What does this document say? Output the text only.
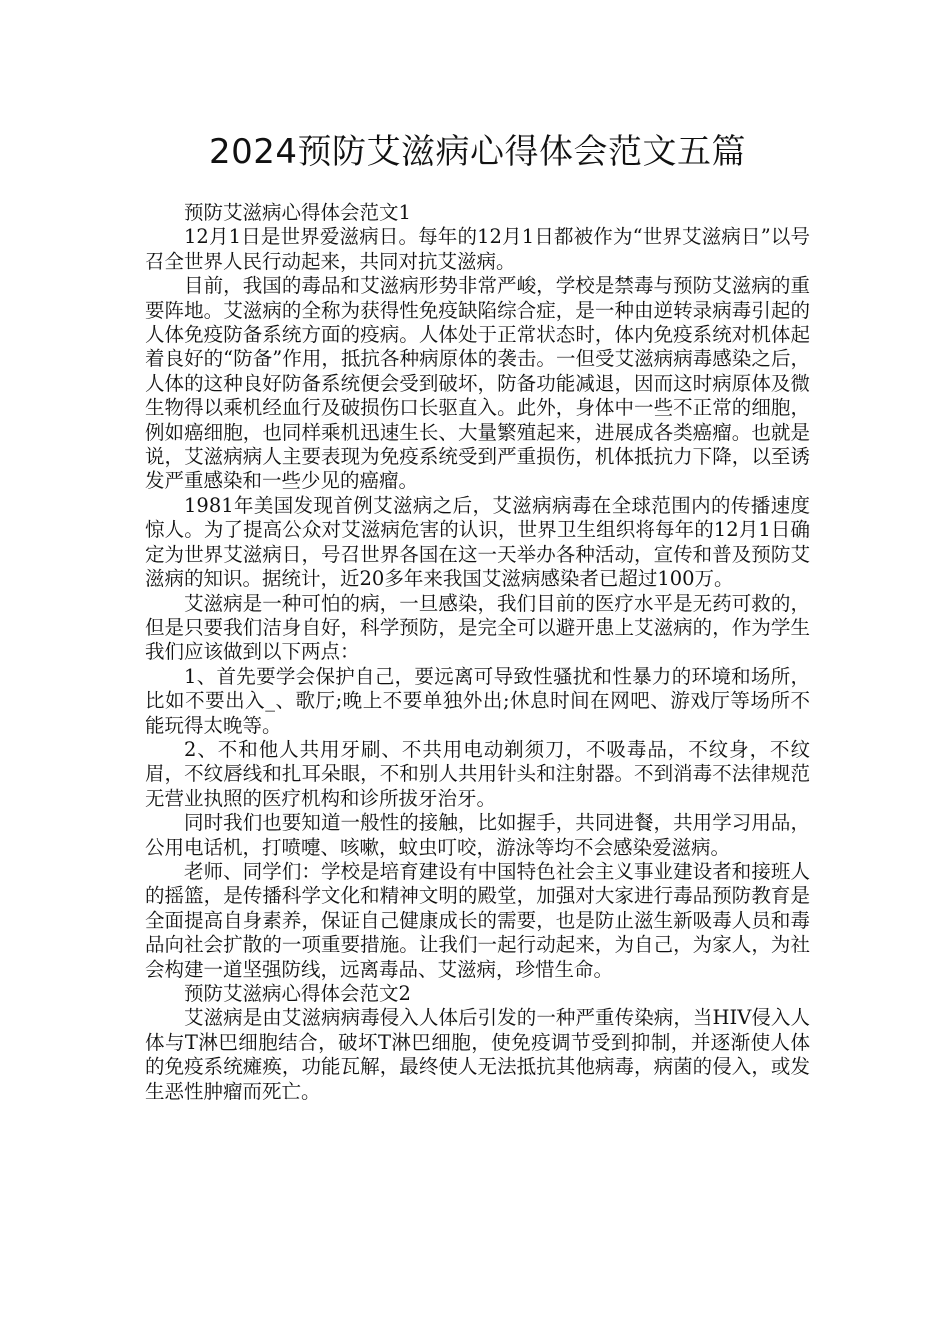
2024预防艾滋病心得体会范文五篇

预防艾滋病心得体会范文1

12月1日是世界爱滋病日。每年的12月1日都被作为“世界艾滋病日”以号召全世界人民行动起来，共同对抗艾滋病。

目前，我国的毒品和艾滋病形势非常严峻，学校是禁毒与预防艾滋病的重要阵地。艾滋病的全称为获得性免疫缺陷综合症，是一种由逆转录病毒引起的人体免疫防备系统方面的疫病。人体处于正常状态时，体内免疫系统对机体起着良好的“防备”作用，抵抗各种病原体的袭击。一但受艾滋病病毒感染之后，人体的这种良好防备系统便会受到破坏，防备功能减退，因而这时病原体及微生物得以乘机经血行及破损伤口长驱直入。此外，身体中一些不正常的细胞，例如癌细胞，也同样乘机迅速生长、大量繁殖起来，进展成各类癌瘤。也就是说，艾滋病病人主要表现为免疫系统受到严重损伤，机体抵抗力下降，以至诱发严重感染和一些少见的癌瘤。

1981年美国发现首例艾滋病之后，艾滋病病毒在全球范围内的传播速度惊人。为了提高公众对艾滋病危害的认识，世界卫生组织将每年的12月1日确定为世界艾滋病日，号召世界各国在这一天举办各种活动，宣传和普及预防艾滋病的知识。据统计，近20多年来我国艾滋病感染者已超过100万。

艾滋病是一种可怕的病，一旦感染，我们目前的医疗水平是无药可救的，但是只要我们洁身自好，科学预防，是完全可以避开患上艾滋病的，作为学生我们应该做到以下两点：

1、首先要学会保护自己，要远离可导致性骚扰和性暴力的环境和场所，比如不要出入_、歌厅;晚上不要单独外出;休息时间在网吧、游戏厅等场所不能玩得太晚等。

2、不和他人共用牙刷、不共用电动剃须刀，不吸毒品，不纹身，不纹眉，不纹唇线和扎耳朵眼，不和别人共用针头和注射器。不到消毒不法律规范无营业执照的医疗机构和诊所拔牙治牙。

同时我们也要知道一般性的接触，比如握手，共同进餐，共用学习用品，公用电话机，打喷嚏、咳嗽，蚊虫叮咬，游泳等均不会感染爱滋病。

老师、同学们：学校是培育建设有中国特色社会主义事业建设者和接班人的摇篮，是传播科学文化和精神文明的殿堂，加强对大家进行毒品预防教育是全面提高自身素养，保证自己健康成长的需要，也是防止滋生新吸毒人员和毒品向社会扩散的一项重要措施。让我们一起行动起来，为自己，为家人，为社会构建一道坚强防线，远离毒品、艾滋病，珍惜生命。

预防艾滋病心得体会范文2

艾滋病是由艾滋病病毒侵入人体后引发的一种严重传染病，当HIV侵入人体与T淋巴细胞结合，破坏T淋巴细胞，使免疫调节受到抑制，并逐渐使人体的免疫系统瘫痪，功能瓦解，最终使人无法抵抗其他病毒，病菌的侵入，或发生恶性肿瘤而死亡。
